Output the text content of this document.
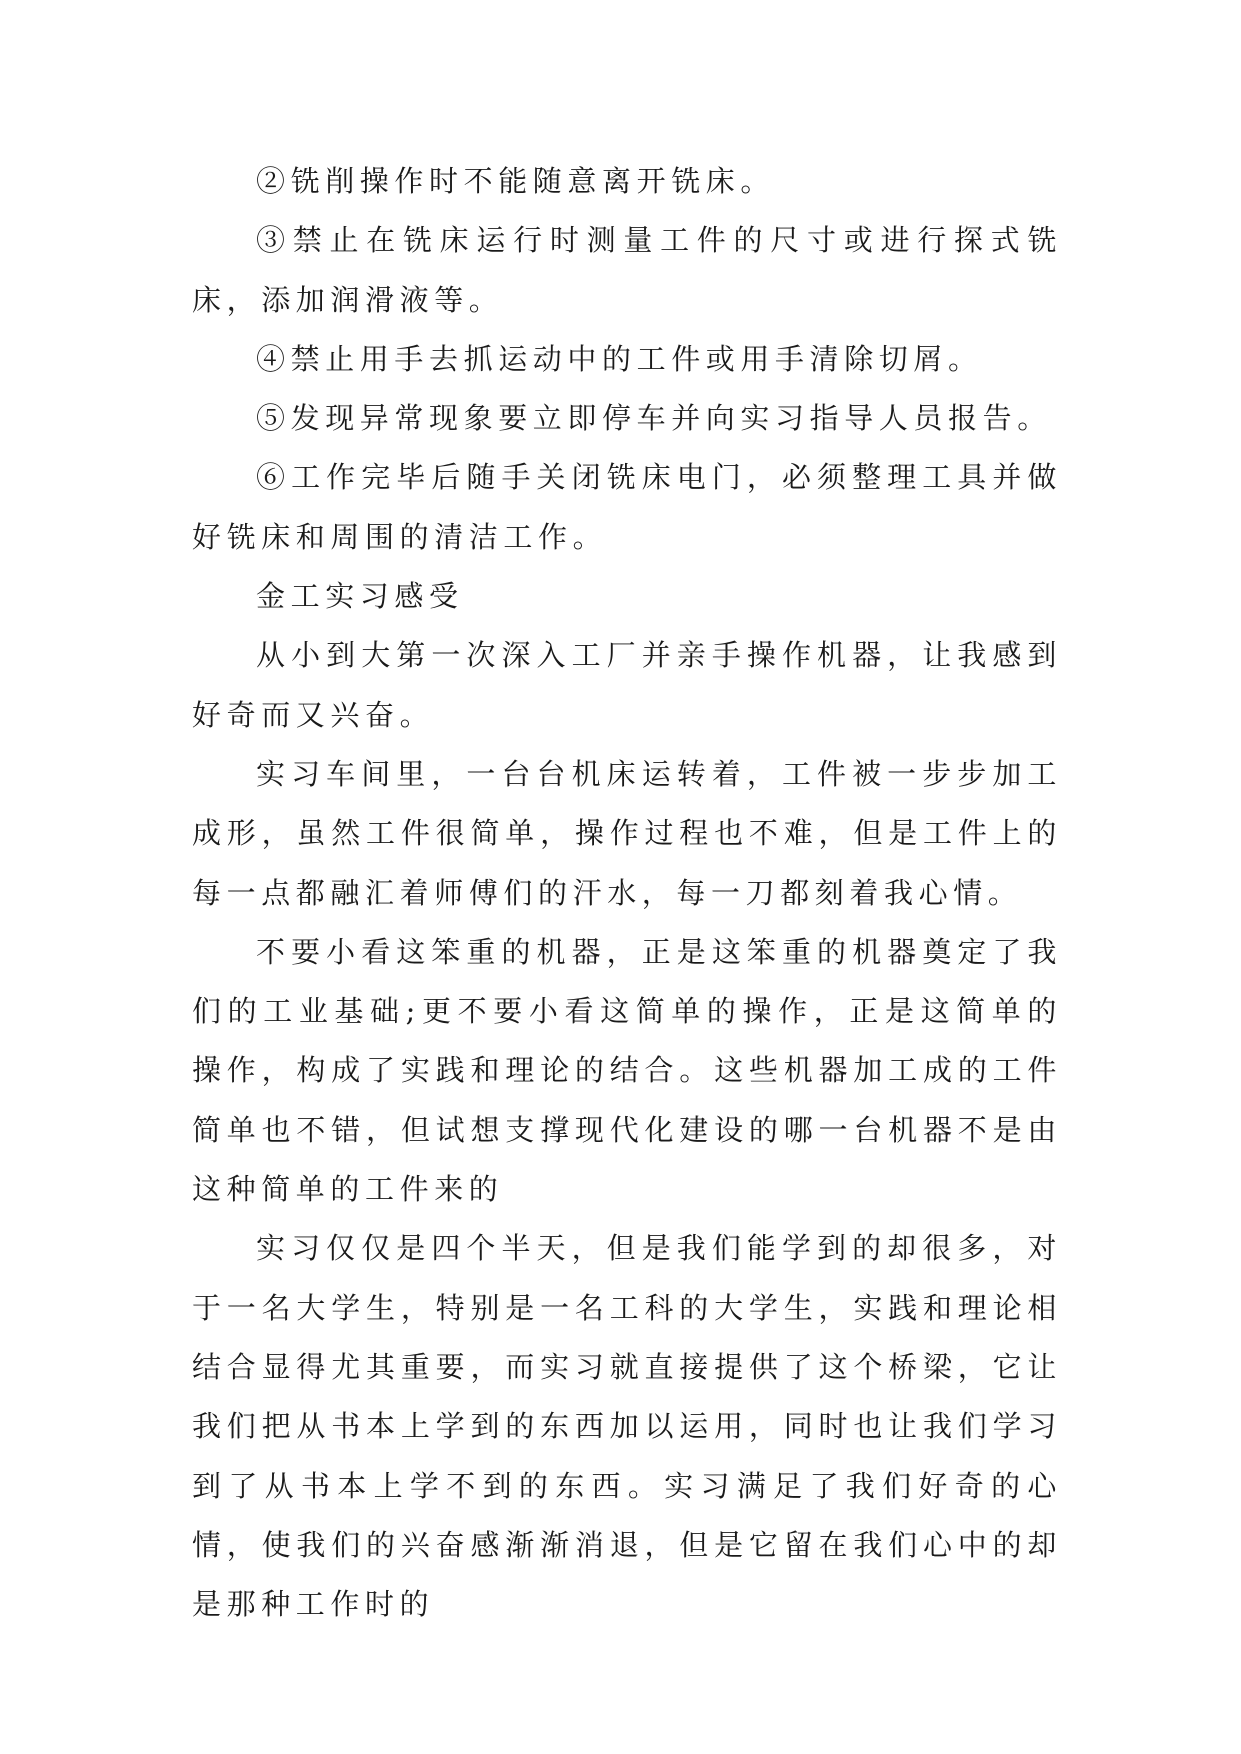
②铣削操作时不能随意离开铣床。

③禁止在铣床运行时测量工件的尺寸或进行探式铣床，添加润滑液等。

④禁止用手去抓运动中的工件或用手清除切屑。

⑤发现异常现象要立即停车并向实习指导人员报告。

⑥工作完毕后随手关闭铣床电门，必须整理工具并做好铣床和周围的清洁工作。

金工实习感受

从小到大第一次深入工厂并亲手操作机器，让我感到好奇而又兴奋。

实习车间里，一台台机床运转着，工件被一步步加工成形，虽然工件很简单，操作过程也不难，但是工件上的每一点都融汇着师傅们的汗水，每一刀都刻着我心情。

不要小看这笨重的机器，正是这笨重的机器奠定了我们的工业基础;更不要小看这简单的操作，正是这简单的操作，构成了实践和理论的结合。这些机器加工成的工件简单也不错，但试想支撑现代化建设的哪一台机器不是由这种简单的工件来的

实习仅仅是四个半天，但是我们能学到的却很多，对于一名大学生，特别是一名工科的大学生，实践和理论相结合显得尤其重要，而实习就直接提供了这个桥梁，它让我们把从书本上学到的东西加以运用，同时也让我们学习到了从书本上学不到的东西。实习满足了我们好奇的心情，使我们的兴奋感渐渐消退，但是它留在我们心中的却是那种工作时的
